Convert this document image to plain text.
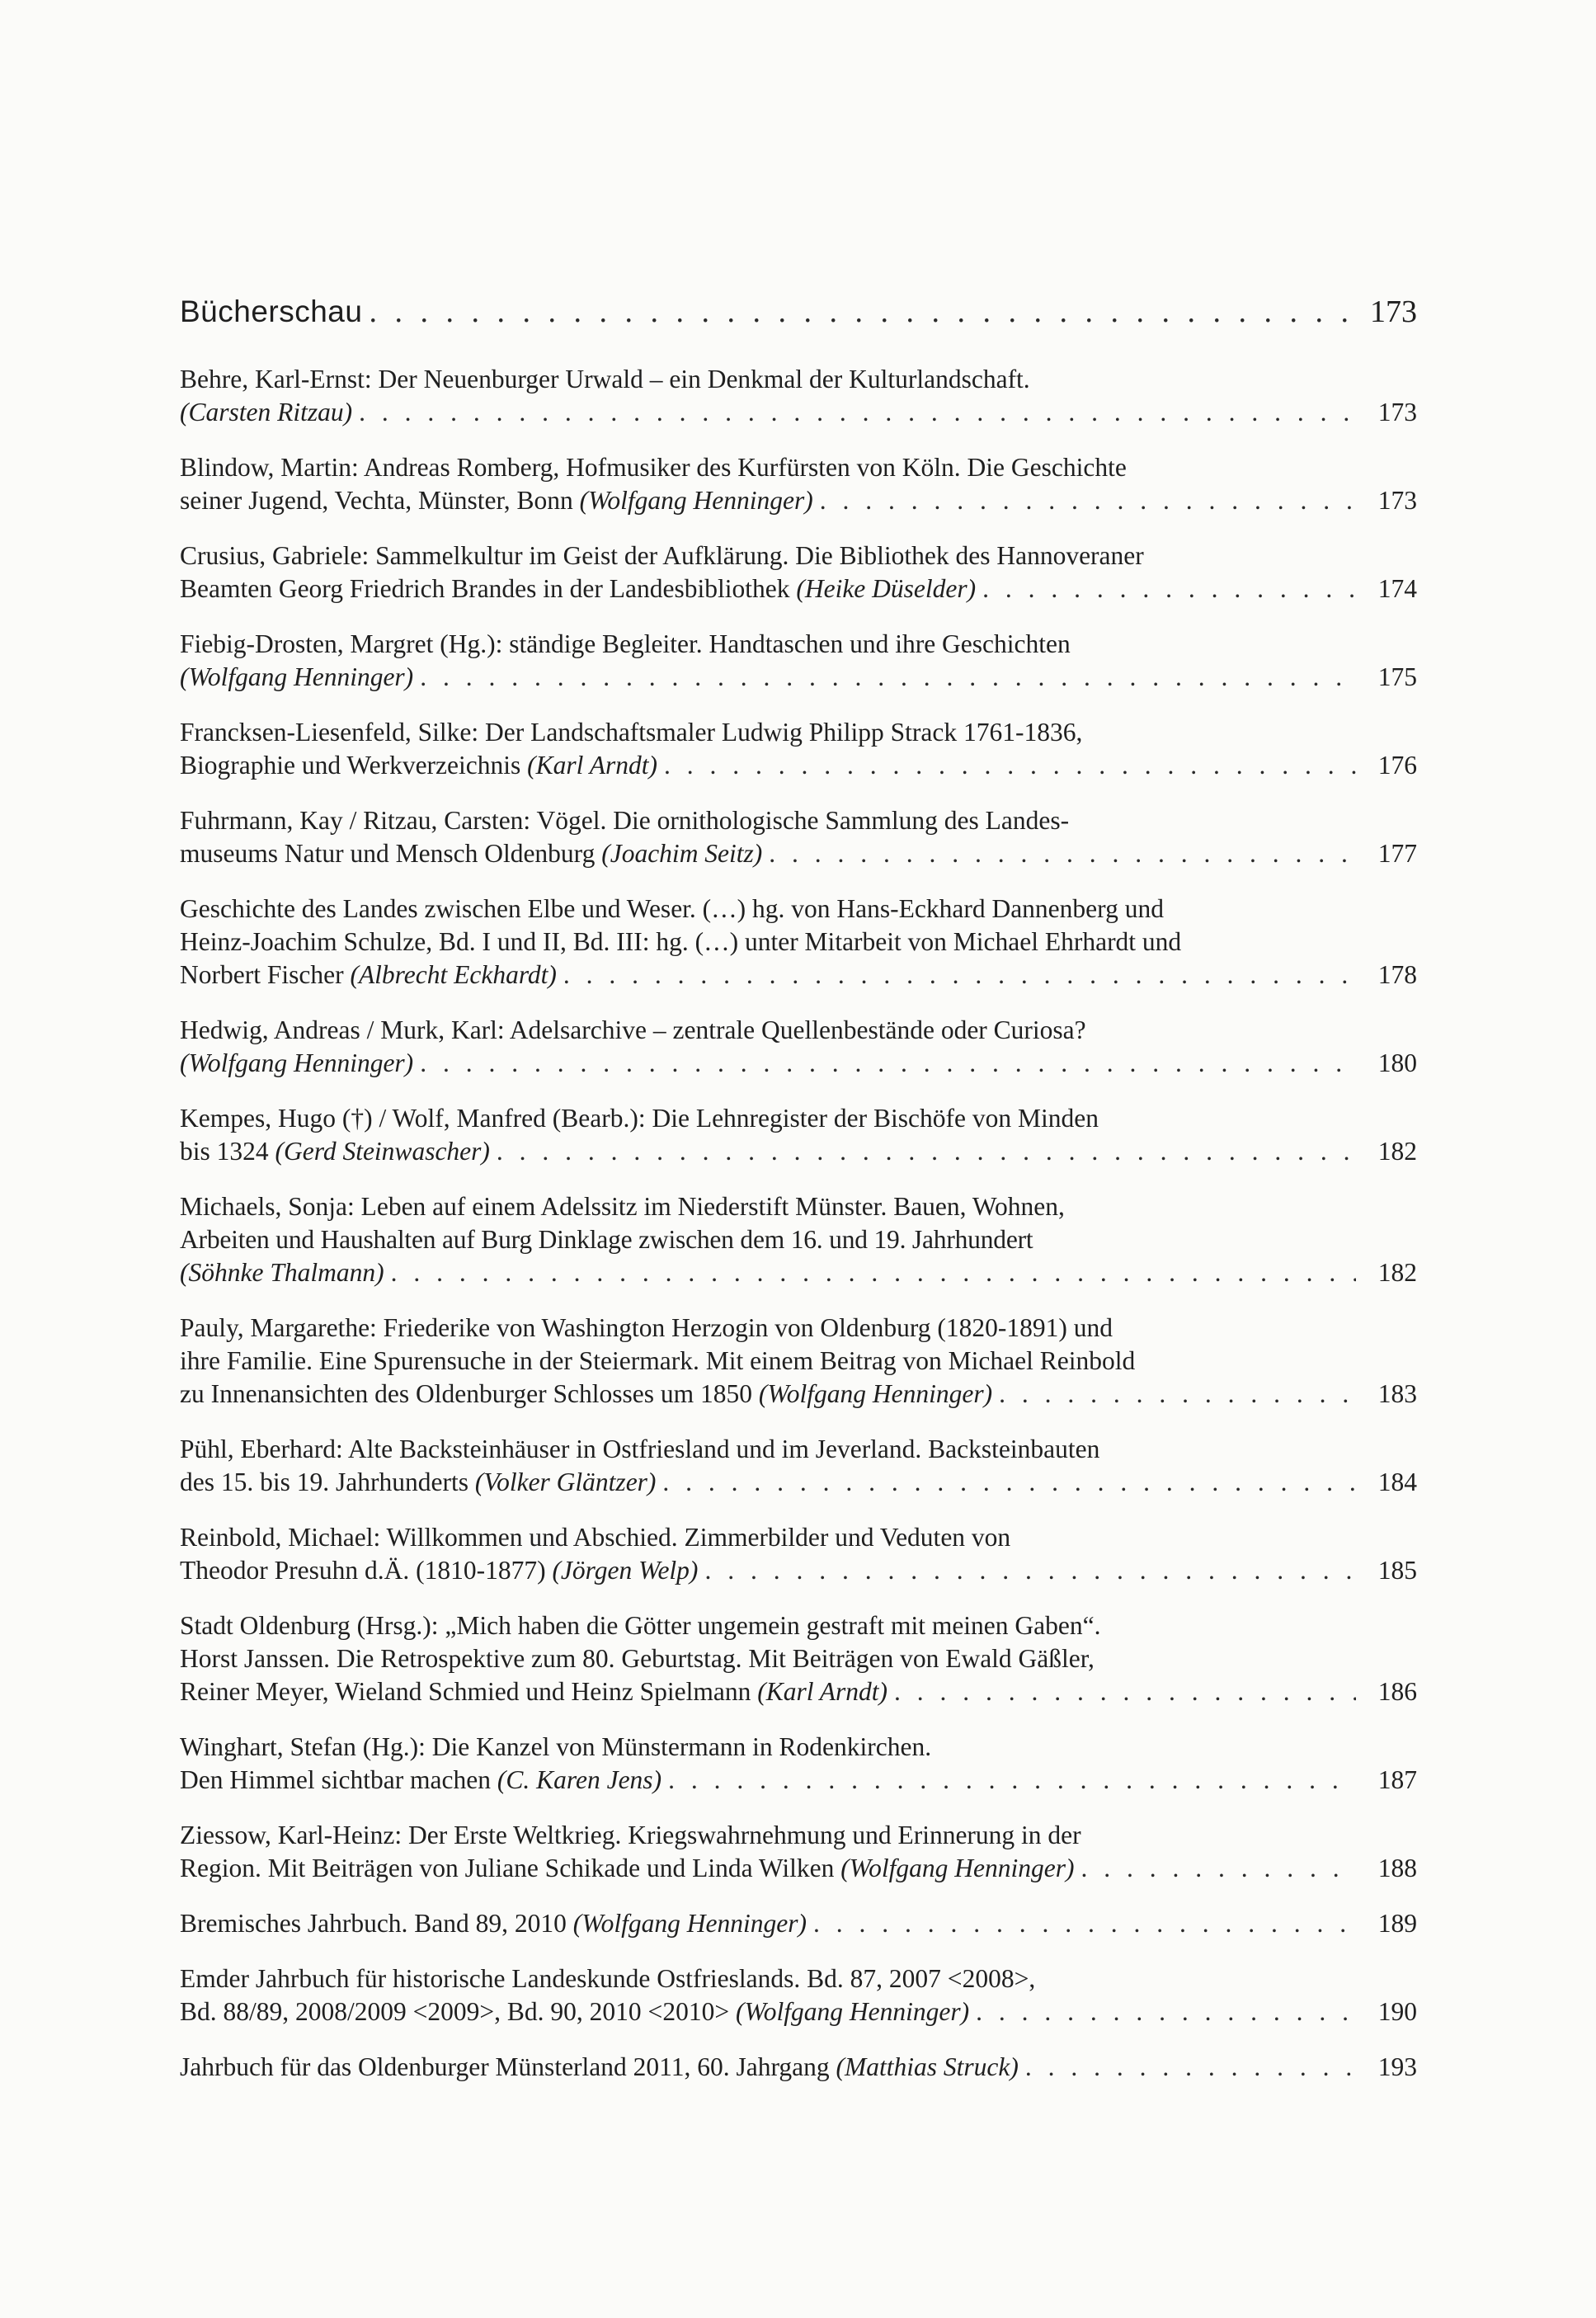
Bücherschau . . .	173
Behre, Karl-Ernst: Der Neuenburger Urwald – ein Denkmal der Kulturlandschaft.
(Carsten Ritzau) . . .	173
Blindow, Martin: Andreas Romberg, Hofmusiker des Kurfürsten von Köln. Die Geschichte
seiner Jugend, Vechta, Münster, Bonn (Wolfgang Henninger) . . .	173
Crusius, Gabriele: Sammelkultur im Geist der Aufklärung. Die Bibliothek des Hannoveraner
Beamten Georg Friedrich Brandes in der Landesbibliothek (Heike Düselder) . . .	174
Fiebig-Drosten, Margret (Hg.): ständige Begleiter. Handtaschen und ihre Geschichten
(Wolfgang Henninger) . . .	175
Francksen-Liesenfeld, Silke: Der Landschaftsmaler Ludwig Philipp Strack 1761-1836,
Biographie und Werkverzeichnis (Karl Arndt) . . .	176
Fuhrmann, Kay / Ritzau, Carsten: Vögel. Die ornithologische Sammlung des Landes-
museums Natur und Mensch Oldenburg (Joachim Seitz) . . .	177
Geschichte des Landes zwischen Elbe und Weser. (…) hg. von Hans-Eckhard Dannenberg und
Heinz-Joachim Schulze, Bd. I und II, Bd. III: hg. (…) unter Mitarbeit von Michael Ehrhardt und
Norbert Fischer (Albrecht Eckhardt) . . .	178
Hedwig, Andreas / Murk, Karl: Adelsarchive – zentrale Quellenbestände oder Curiosa?
(Wolfgang Henninger) . . .	180
Kempes, Hugo (†) / Wolf, Manfred (Bearb.): Die Lehnregister der Bischöfe von Minden
bis 1324 (Gerd Steinwascher) . . .	182
Michaels, Sonja: Leben auf einem Adelssitz im Niederstift Münster. Bauen, Wohnen,
Arbeiten und Haushalten auf Burg Dinklage zwischen dem 16. und 19. Jahrhundert
(Söhnke Thalmann) . . .	182
Pauly, Margarethe: Friederike von Washington Herzogin von Oldenburg (1820-1891) und
ihre Familie. Eine Spurensuche in der Steiermark. Mit einem Beitrag von Michael Reinbold
zu Innenansichten des Oldenburger Schlosses um 1850 (Wolfgang Henninger) . . .	183
Pühl, Eberhard: Alte Backsteinhäuser in Ostfriesland und im Jeverland. Backsteinbauten
des 15. bis 19. Jahrhunderts (Volker Gläntzer) . . .	184
Reinbold, Michael: Willkommen und Abschied. Zimmerbilder und Veduten von
Theodor Presuhn d.Ä. (1810-1877) (Jörgen Welp) . . .	185
Stadt Oldenburg (Hrsg.): „Mich haben die Götter ungemein gestraft mit meinen Gaben“.
Horst Janssen. Die Retrospektive zum 80. Geburtstag. Mit Beiträgen von Ewald Gäßler,
Reiner Meyer, Wieland Schmied und Heinz Spielmann (Karl Arndt) . . .	186
Winghart, Stefan (Hg.): Die Kanzel von Münstermann in Rodenkirchen.
Den Himmel sichtbar machen (C. Karen Jens) . . .	187
Ziessow, Karl-Heinz: Der Erste Weltkrieg. Kriegswahrnehmung und Erinnerung in der
Region. Mit Beiträgen von Juliane Schikade und Linda Wilken (Wolfgang Henninger) . . .	188
Bremisches Jahrbuch. Band 89, 2010 (Wolfgang Henninger) . . .	189
Emder Jahrbuch für historische Landeskunde Ostfrieslands. Bd. 87, 2007 <2008>,
Bd. 88/89, 2008/2009 <2009>, Bd. 90, 2010 <2010> (Wolfgang Henninger) . . .	190
Jahrbuch für das Oldenburger Münsterland 2011, 60. Jahrgang (Matthias Struck) . . .	193
